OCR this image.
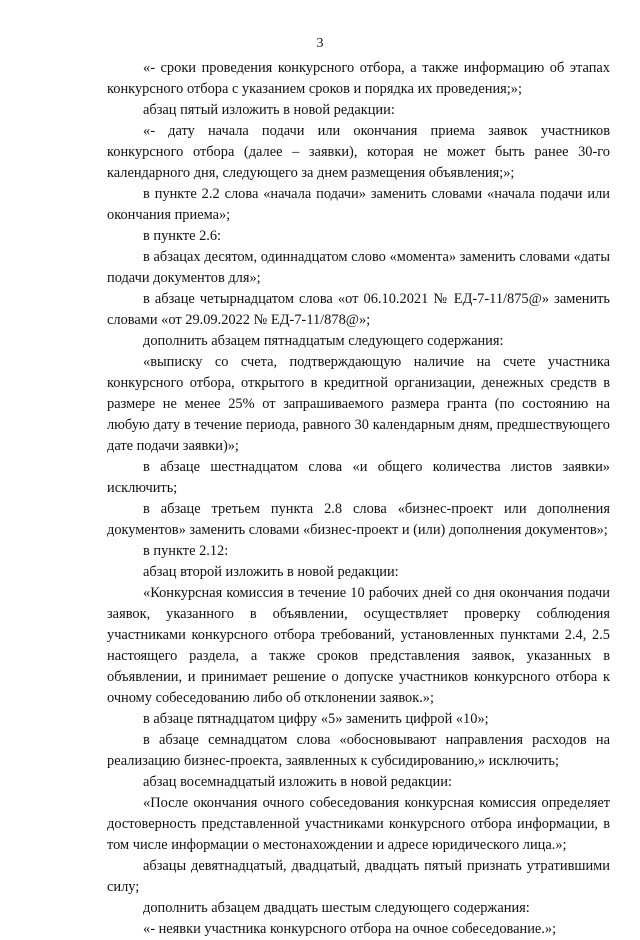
3

«- сроки проведения конкурсного отбора, а также информацию об этапах конкурсного отбора с указанием сроков и порядка их проведения;»;

абзац пятый изложить в новой редакции:

«- дату начала подачи или окончания приема заявок участников конкурсного отбора (далее – заявки), которая не может быть ранее 30-го календарного дня, следующего за днем размещения объявления;»;

в пункте 2.2 слова «начала подачи» заменить словами «начала подачи или окончания приема»;

в пункте 2.6:

в абзацах десятом, одиннадцатом слово «момента» заменить словами «даты подачи документов для»;

в абзаце четырнадцатом слова «от 06.10.2021 № ЕД-7-11/875@» заменить словами «от 29.09.2022 № ЕД-7-11/878@»;

дополнить абзацем пятнадцатым следующего содержания:

«выписку со счета, подтверждающую наличие на счете участника конкурсного отбора, открытого в кредитной организации, денежных средств в размере не менее 25% от запрашиваемого размера гранта (по состоянию на любую дату в течение периода, равного 30 календарным дням, предшествующего дате подачи заявки)»;

в абзаце шестнадцатом слова «и общего количества листов заявки» исключить;

в абзаце третьем пункта 2.8 слова «бизнес-проект или дополнения документов» заменить словами «бизнес-проект и (или) дополнения документов»;

в пункте 2.12:

абзац второй изложить в новой редакции:

«Конкурсная комиссия в течение 10 рабочих дней со дня окончания подачи заявок, указанного в объявлении, осуществляет проверку соблюдения участниками конкурсного отбора требований, установленных пунктами 2.4, 2.5 настоящего раздела, а также сроков представления заявок, указанных в объявлении, и принимает решение о допуске участников конкурсного отбора к очному собеседованию либо об отклонении заявок.»;

в абзаце пятнадцатом цифру «5» заменить цифрой «10»;

в абзаце семнадцатом слова «обосновывают направления расходов на реализацию бизнес-проекта, заявленных к субсидированию,» исключить;

абзац восемнадцатый изложить в новой редакции:

«После окончания очного собеседования конкурсная комиссия определяет достоверность представленной участниками конкурсного отбора информации, в том числе информации о местонахождении и адресе юридического лица.»;

абзацы девятнадцатый, двадцатый, двадцать пятый признать утратившими силу;

дополнить абзацем двадцать шестым следующего содержания:

«- неявки участника конкурсного отбора на очное собеседование.»;
